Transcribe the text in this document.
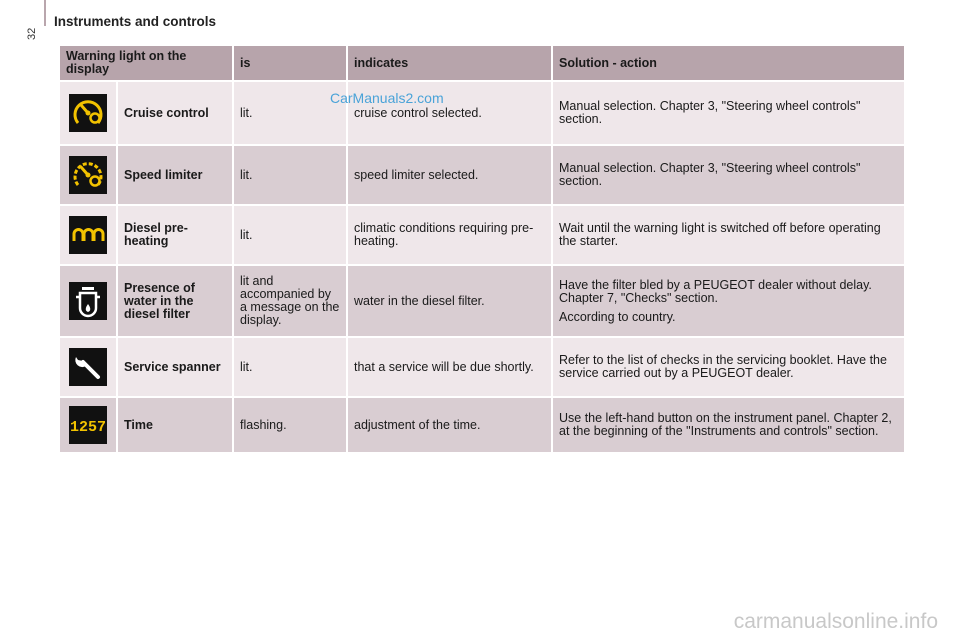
32
Instruments and controls
Warning light on the display		is	indicates	Solution - action

	Cruise control	lit.	cruise control selected.	Manual selection. Chapter 3, "Steering wheel controls" section.

	Speed limiter	lit.	speed limiter selected.	Manual selection. Chapter 3, "Steering wheel controls" section.

	Diesel pre-heating	lit.	climatic conditions requiring pre-heating.	Wait until the warning light is switched off before operating the starter.

	Presence of water in the diesel filter	lit and accompanied by a message on the display.	water in the diesel filter.	Have the filter bled by a PEUGEOT dealer without delay. Chapter 7, "Checks" section.
According to country.

	Service spanner	lit.	that a service will be due shortly.	Refer to the list of checks in the servicing booklet. Have the service carried out by a PEUGEOT dealer.

1257	Time	flashing.	adjustment of the time.	Use the left-hand button on the instrument panel. Chapter 2, at the beginning of the "Instruments and controls" section.
CarManuals2.com
carmanualsonline.info
